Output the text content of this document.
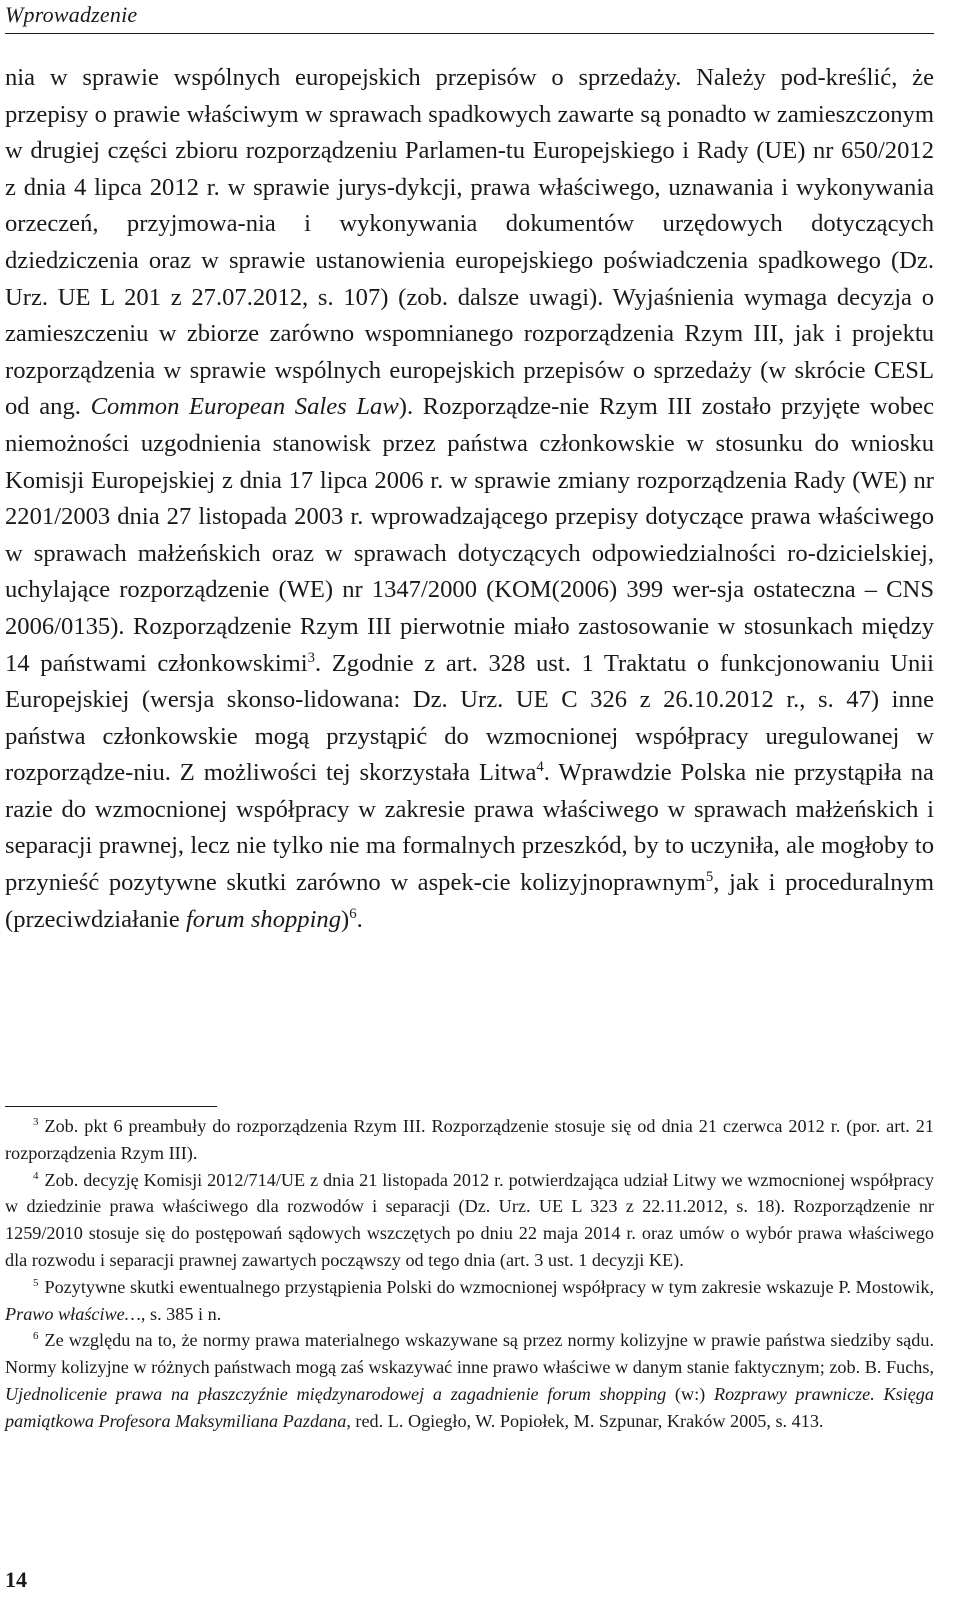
Wprowadzenie

nia w sprawie wspólnych europejskich przepisów o sprzedaży. Należy pod-kreślić, że przepisy o prawie właściwym w sprawach spadkowych zawarte są ponadto w zamieszczonym w drugiej części zbioru rozporządzeniu Parlamen-tu Europejskiego i Rady (UE) nr 650/2012 z dnia 4 lipca 2012 r. w sprawie jurys-dykcji, prawa właściwego, uznawania i wykonywania orzeczeń, przyjmowa-nia i wykonywania dokumentów urzędowych dotyczących dziedziczenia oraz w sprawie ustanowienia europejskiego poświadczenia spadkowego (Dz. Urz. UE L 201 z 27.07.2012, s. 107) (zob. dalsze uwagi). Wyjaśnienia wymaga decyzja o zamieszczeniu w zbiorze zarówno wspomnianego rozporządzenia Rzym III, jak i projektu rozporządzenia w sprawie wspólnych europejskich przepisów o sprzedaży (w skrócie CESL od ang. Common European Sales Law). Rozporządze-nie Rzym III zostało przyjęte wobec niemożności uzgodnienia stanowisk przez państwa członkowskie w stosunku do wniosku Komisji Europejskiej z dnia 17 lipca 2006 r. w sprawie zmiany rozporządzenia Rady (WE) nr 2201/2003 dnia 27 listopada 2003 r. wprowadzającego przepisy dotyczące prawa właściwego w sprawach małżeńskich oraz w sprawach dotyczących odpowiedzialności ro-dzicielskiej, uchylające rozporządzenie (WE) nr 1347/2000 (KOM(2006) 399 wer-sja ostateczna – CNS 2006/0135). Rozporządzenie Rzym III pierwotnie miało zastosowanie w stosunkach między 14 państwami członkowskimi$^3$. Zgodnie z art. 328 ust. 1 Traktatu o funkcjonowaniu Unii Europejskiej (wersja skonso-lidowana: Dz. Urz. UE C 326 z 26.10.2012 r., s. 47) inne państwa członkowskie mogą przystąpić do wzmocnionej współpracy uregulowanej w rozporządze-niu. Z możliwości tej skorzystała Litwa$^4$. Wprawdzie Polska nie przystąpiła na razie do wzmocnionej współpracy w zakresie prawa właściwego w sprawach małżeńskich i separacji prawnej, lecz nie tylko nie ma formalnych przeszkód, by to uczyniła, ale mogłoby to przynieść pozytywne skutki zarówno w aspek-cie kolizyjnoprawnym$^5$, jak i proceduralnym (przeciwdziałanie forum shopping)$^6$.

$^3$ Zob. pkt 6 preambuły do rozporządzenia Rzym III. Rozporządzenie stosuje się od dnia 21 czerwca 2012 r. (por. art. 21 rozporządzenia Rzym III).

$^4$ Zob. decyzję Komisji 2012/714/UE z dnia 21 listopada 2012 r. potwierdzająca udział Litwy we wzmocnionej współpracy w dziedzinie prawa właściwego dla rozwodów i separacji (Dz. Urz. UE L 323 z 22.11.2012, s. 18). Rozporządzenie nr 1259/2010 stosuje się do postępowań sądowych wszczętych po dniu 22 maja 2014 r. oraz umów o wybór prawa właściwego dla rozwodu i separacji prawnej zawartych począwszy od tego dnia (art. 3 ust. 1 decyzji KE).

$^5$ Pozytywne skutki ewentualnego przystąpienia Polski do wzmocnionej współpracy w tym zakresie wskazuje P. Mostowik, Prawo właściwe…, s. 385 i n.

$^6$ Ze względu na to, że normy prawa materialnego wskazywane są przez normy kolizyjne w prawie państwa siedziby sądu. Normy kolizyjne w różnych państwach mogą zaś wskazywać inne prawo właściwe w danym stanie faktycznym; zob. B. Fuchs, Ujednolicenie prawa na płaszczyźnie międzynarodowej a zagadnienie forum shopping (w:) Rozprawy prawnicze. Księga pamiątkowa Profesora Maksymiliana Pazdana, red. L. Ogiegło, W. Popiołek, M. Szpunar, Kraków 2005, s. 413.

14
